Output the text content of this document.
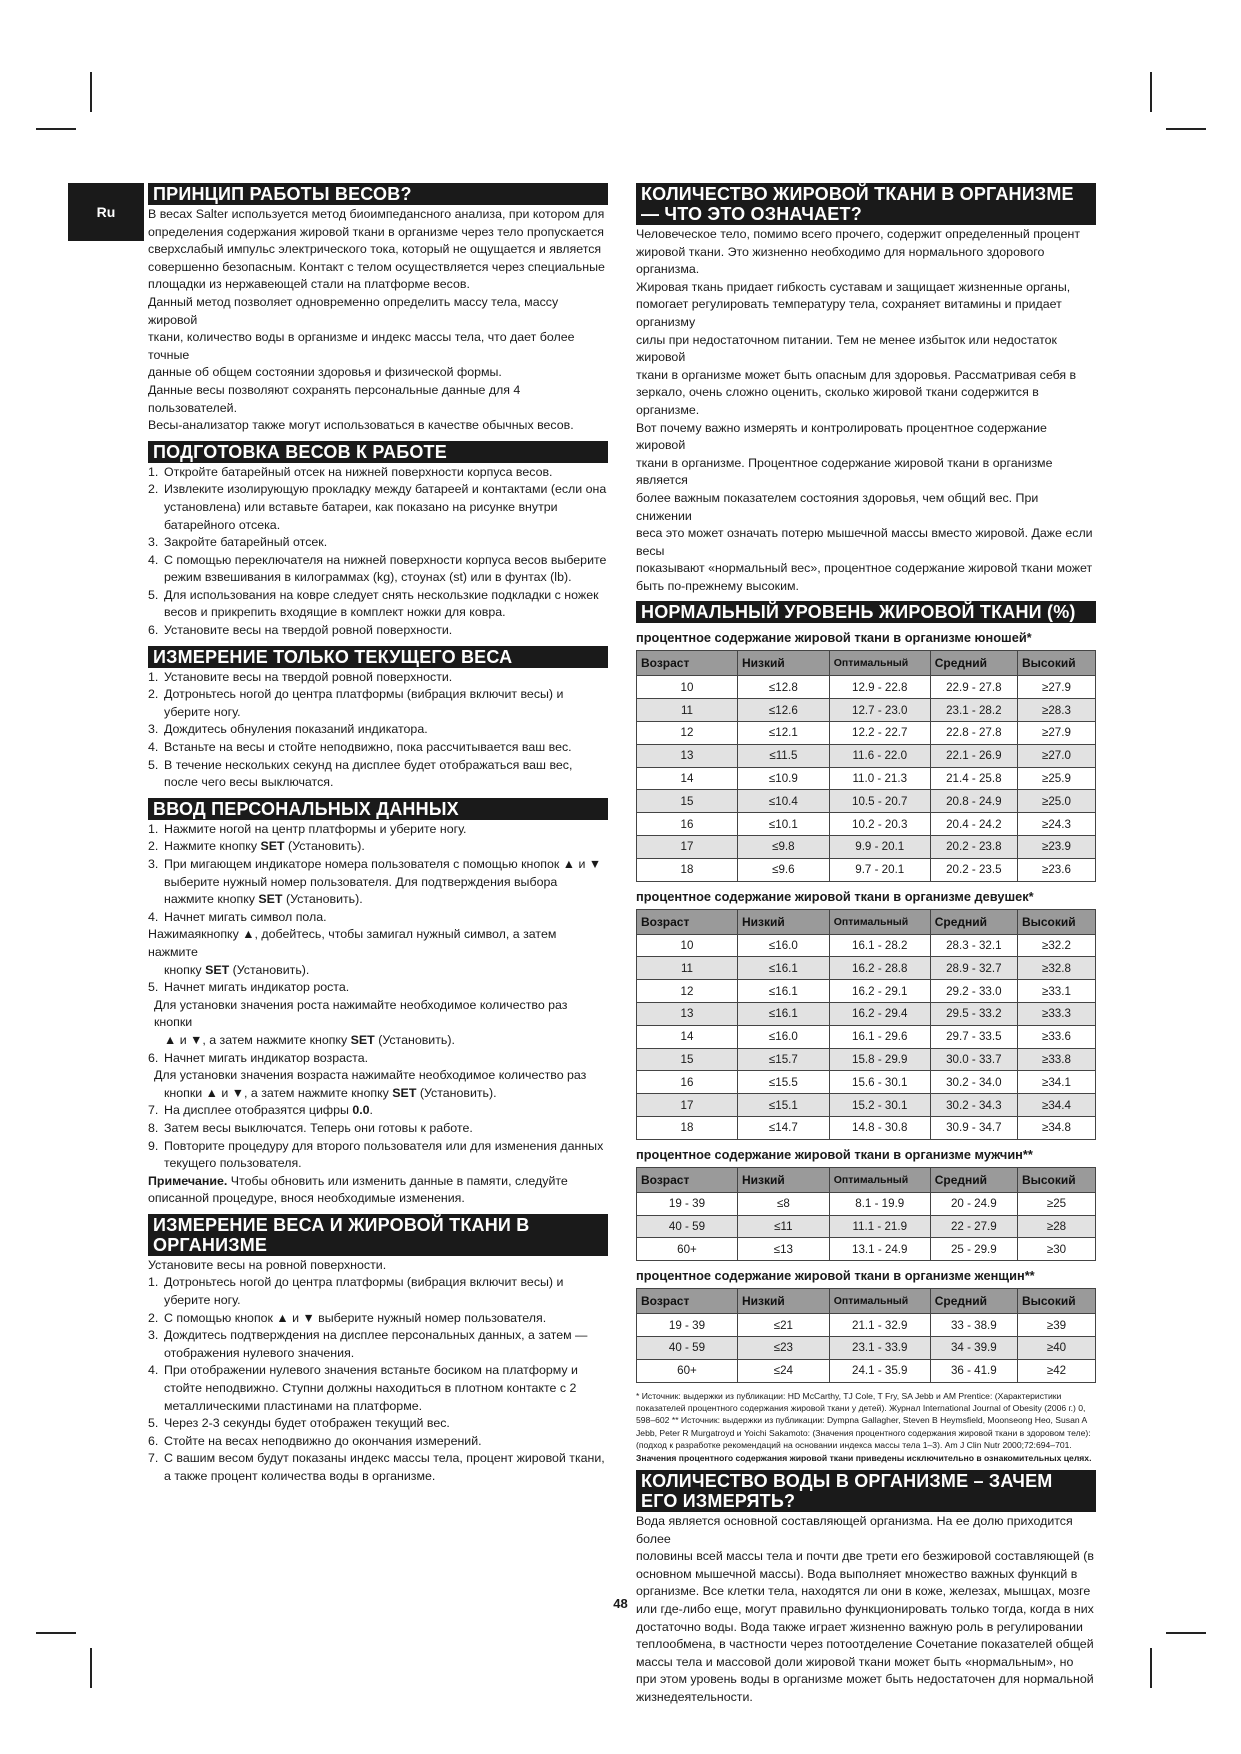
Ru
ПРИНЦИП РАБОТЫ ВЕСОВ?

В весах Salter используется метод биоимпедансного анализа, при котором для

определения содержания жировой ткани в организме через тело пропускается

сверхслабый импульс электрического тока, который не ощущается и является

совершенно безопасным. Контакт с телом осуществляется через специальные

площадки из нержавеющей стали на платформе весов.

Данный метод позволяет одновременно определить массу тела, массу жировой

ткани, количество воды в организме и индекс массы тела, что дает более точные

данные об общем состоянии здоровья и физической формы.

Данные весы позволяют сохранять персональные данные для 4 пользователей.

Весы-анализатор также могут использоваться в качестве обычных весов.

ПОДГОТОВКА ВЕСОВ К РАБОТЕ
1. Откройте батарейный отсек на нижней поверхности корпуса весов.
2. Извлеките изолирующую прокладку между батареей и контактами (если она установлена) или вставьте батареи, как показано на рисунке внутри батарейного отсека.
3. Закройте батарейный отсек.
4. С помощью переключателя на нижней поверхности корпуса весов выберите режим взвешивания в килограммах (kg), стоунах (st) или в фунтах (lb).
5. Для использования на ковре следует снять нескользкие подкладки с ножек весов и прикрепить входящие в комплект ножки для ковра.
6. Установите весы на твердой ровной поверхности.
ИЗМЕРЕНИЕ ТОЛЬКО ТЕКУЩЕГО ВЕСА
1. Установите весы на твердой ровной поверхности.
2. Дотроньтесь ногой до центра платформы (вибрация включит весы) и уберите ногу.
3. Дождитесь обнуления показаний индикатора.
4. Встаньте на весы и стойте неподвижно, пока рассчитывается ваш вес.
5. В течение нескольких секунд на дисплее будет отображаться ваш вес, после чего весы выключатся.
ВВОД ПЕРСОНАЛЬНЫХ ДАННЫХ
1. Нажмите ногой на центр платформы и уберите ногу.
2. Нажмите кнопку SET (Установить).
3. При мигающем индикаторе номера пользователя с помощью кнопок ▲ и ▼ выберите нужный номер пользователя. Для подтверждения выбора нажмите кнопку SET (Установить).
4. Начнет мигать символ пола.
Нажимаякнопку ▲, добейтесь, чтобы замигал нужный символ, а затем нажмите
кнопку SET (Установить).
5. Начнет мигать индикатор роста.
Для установки значения роста нажимайте необходимое количество раз кнопки
▲ и ▼, а затем нажмите кнопку SET (Установить).
6. Начнет мигать индикатор возраста.
Для установки значения возраста нажимайте необходимое количество раз
кнопки ▲ и ▼, а затем нажмите кнопку SET (Установить).
7. На дисплее отобразятся цифры 0.0.
8. Затем весы выключатся. Теперь они готовы к работе.
9. Повторите процедуру для второго пользователя или для изменения данных текущего пользователя.

Примечание. Чтобы обновить или изменить данные в памяти, следуйте описанной процедуре, внося необходимые изменения.

ИЗМЕРЕНИЕ ВЕСА И ЖИРОВОЙ ТКАНИ В ОРГАНИЗМЕ

Установите весы на ровной поверхности.

1. Дотроньтесь ногой до центра платформы (вибрация включит весы) и уберите ногу.
2. С помощью кнопок ▲ и ▼ выберите нужный номер пользователя.
3. Дождитесь подтверждения на дисплее персональных данных, а затем — отображения нулевого значения.
4. При отображении нулевого значения встаньте босиком на платформу и стойте неподвижно. Ступни должны находиться в плотном контакте с 2 металлическими пластинами на платформе.
5. Через 2-3 секунды будет отображен текущий вес.
6. Стойте на весах неподвижно до окончания измерений.
7. С вашим весом будут показаны индекс массы тела, процент жировой ткани, а также процент количества воды в организме.
КОЛИЧЕСТВО ЖИРОВОЙ ТКАНИ В ОРГАНИЗМЕ — ЧТО ЭТО ОЗНАЧАЕТ?

Человеческое тело, помимо всего прочего, содержит определенный процент

жировой ткани. Это жизненно необходимо для нормального здорового организма.

Жировая ткань придает гибкость суставам и защищает жизненные органы,

помогает регулировать температуру тела, сохраняет витамины и придает организму

силы при недостаточном питании. Тем не менее избыток или недостаток жировой

ткани в организме может быть опасным для здоровья. Рассматривая себя в

зеркало, очень сложно оценить, сколько жировой ткани содержится в организме.

Вот почему важно измерять и контролировать процентное содержание жировой

ткани в организме. Процентное содержание жировой ткани в организме является

более важным показателем состояния здоровья, чем общий вес. При снижении

веса это может означать потерю мышечной массы вместо жировой. Даже если весы

показывают «нормальный вес», процентное содержание жировой ткани может

быть по-прежнему высоким.

НОРМАЛЬНЫЙ УРОВЕНЬ ЖИРОВОЙ ТКАНИ (%)
процентное содержание жировой ткани в организме юношей*
Возраст	Низкий	Оптимальный	Средний	Высокий
10	≤12.8	12.9 - 22.8	22.9 - 27.8	≥27.9
11	≤12.6	12.7 - 23.0	23.1 - 28.2	≥28.3
12	≤12.1	12.2 - 22.7	22.8 - 27.8	≥27.9
13	≤11.5	11.6 - 22.0	22.1 - 26.9	≥27.0
14	≤10.9	11.0 - 21.3	21.4 - 25.8	≥25.9
15	≤10.4	10.5 - 20.7	20.8 - 24.9	≥25.0
16	≤10.1	10.2 - 20.3	20.4 - 24.2	≥24.3
17	≤9.8	9.9 - 20.1	20.2 - 23.8	≥23.9
18	≤9.6	9.7 - 20.1	20.2 - 23.5	≥23.6
процентное содержание жировой ткани в организме девушек*
Возраст	Низкий	Оптимальный	Средний	Высокий
10	≤16.0	16.1 - 28.2	28.3 - 32.1	≥32.2
11	≤16.1	16.2 - 28.8	28.9 - 32.7	≥32.8
12	≤16.1	16.2 - 29.1	29.2 - 33.0	≥33.1
13	≤16.1	16.2 - 29.4	29.5 - 33.2	≥33.3
14	≤16.0	16.1 - 29.6	29.7 - 33.5	≥33.6
15	≤15.7	15.8 - 29.9	30.0 - 33.7	≥33.8
16	≤15.5	15.6 - 30.1	30.2 - 34.0	≥34.1
17	≤15.1	15.2 - 30.1	30.2 - 34.3	≥34.4
18	≤14.7	14.8 - 30.8	30.9 - 34.7	≥34.8
процентное содержание жировой ткани в организме мужчин**
Возраст	Низкий	Оптимальный	Средний	Высокий
19 - 39	≤8	8.1 - 19.9	20 - 24.9	≥25
40 - 59	≤11	11.1 - 21.9	22 - 27.9	≥28
60+	≤13	13.1 - 24.9	25 - 29.9	≥30
процентное содержание жировой ткани в организме женщин**
Возраст	Низкий	Оптимальный	Средний	Высокий
19 - 39	≤21	21.1 - 32.9	33 - 38.9	≥39
40 - 59	≤23	23.1 - 33.9	34 - 39.9	≥40
60+	≤24	24.1 - 35.9	36 - 41.9	≥42
* Источник: выдержки из публикации: HD McCarthy, TJ Cole, T Fry, SA Jebb и AM Prentice: (Характеристики
показателей процентного содержания жировой ткани у детей). Журнал International Journal of Obesity (2006 г.) 0,
598–602 ** Источник: выдержки из публикации: Dympna Gallagher, Steven B Heymsfield, Moonseong Heo, Susan A
Jebb, Peter R Murgatroyd и Yoichi Sakamoto: (Значения процентного содержания жировой ткани в здоровом теле):
(подход к разработке рекомендаций на основании индекса массы тела 1–3). Am J Clin Nutr 2000;72:694–701.
Значения процентного содержания жировой ткани приведены исключительно в ознакомительных целях.
КОЛИЧЕСТВО ВОДЫ В ОРГАНИЗМЕ – ЗАЧЕМ ЕГО ИЗМЕРЯТЬ?

Вода является основной составляющей организма. На ее долю приходится более

половины всей массы тела и почти две трети его безжировой составляющей (в

основном мышечной массы). Вода выполняет множество важных функций в

организме. Все клетки тела, находятся ли они в коже, железах, мышцах, мозге

или где-либо еще, могут правильно функционировать только тогда, когда в них

достаточно воды. Вода также играет жизненно важную роль в регулировании

теплообмена, в частности через потоотделение Сочетание показателей общей

массы тела и массовой доли жировой ткани может быть «нормальным», но

при этом уровень воды в организме может быть недостаточен для нормальной

жизнедеятельности.

48
